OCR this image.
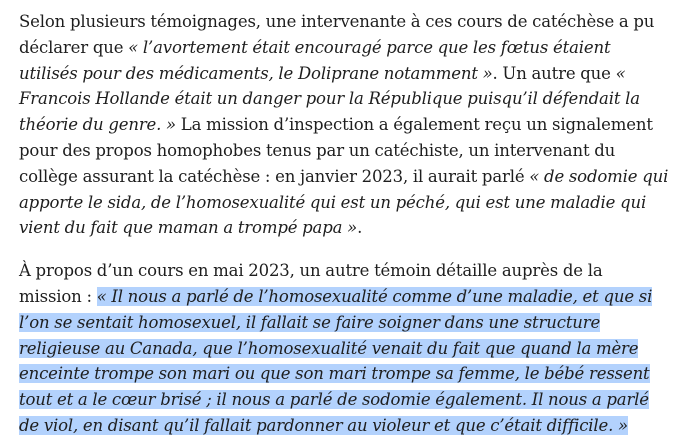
Selon plusieurs témoignages, une intervenante à ces cours de catéchèse a pu déclarer que « l’avortement était encouragé parce que les fœtus étaient utilisés pour des médicaments, le Doliprane notamment ». Un autre que « Francois Hollande était un danger pour la République puisqu’il défendait la théorie du genre. » La mission d’inspection a également reçu un signalement pour des propos homophobes tenus par un catéchiste, un intervenant du collège assurant la catéchèse : en janvier 2023, il aurait parlé « de sodomie qui apporte le sida, de l’homosexualité qui est un péché, qui est une maladie qui vient du fait que maman a trompé papa ».

À propos d’un cours en mai 2023, un autre témoin détaille auprès de la mission : « Il nous a parlé de l’homosexualité comme d’une maladie, et que si l’on se sentait homosexuel, il fallait se faire soigner dans une structure religieuse au Canada, que l’homosexualité venait du fait que quand la mère enceinte trompe son mari ou que son mari trompe sa femme, le bébé ressent tout et a le cœur brisé ; il nous a parlé de sodomie également. Il nous a parlé de viol, en disant qu’il fallait pardonner au violeur et que c’était difficile. »
